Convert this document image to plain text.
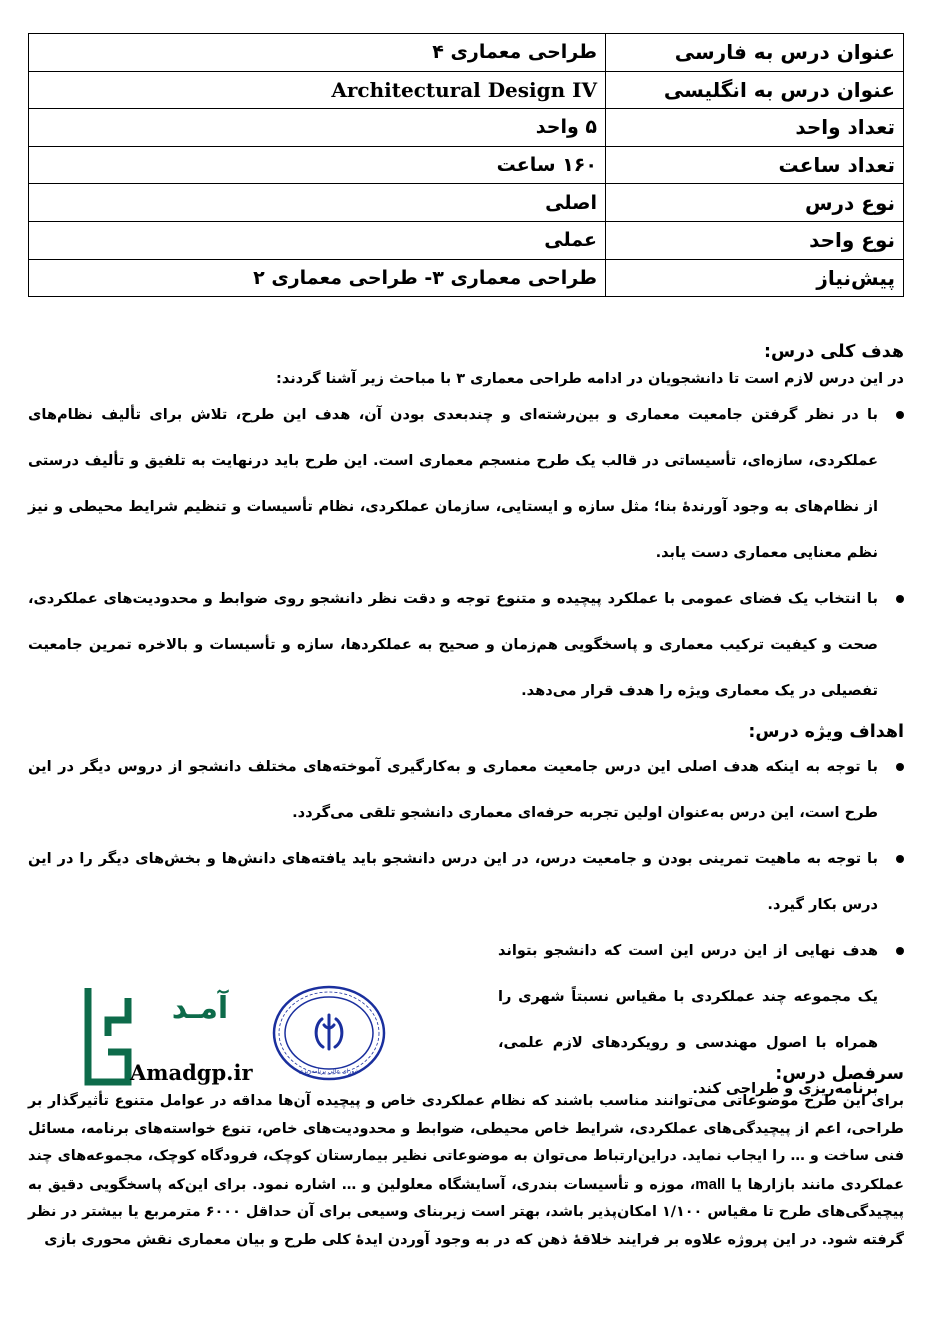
عنوان درس به فارسی	طراحی معماری ۴
عنوان درس به انگلیسی	Architectural Design IV
تعداد واحد	۵ واحد
تعداد ساعت	۱۶۰ ساعت
نوع درس	اصلی
نوع واحد	عملی
پیش‌نیاز	طراحی معماری ۳- طراحی معماری ۲
هدف کلی درس:

در این درس لازم است تا دانشجویان در ادامه طراحی معماری ۳ با مباحث زیر آشنا گردند:

با در نظر گرفتن جامعیت معماری و بین‌رشته‌ای و چندبعدی بودن آن، هدف این طرح، تلاش برای تألیف نظام‌های عملکردی، سازه‌ای، تأسیساتی در قالب یک طرح منسجم معماری است. این طرح باید درنهایت به تلفیق و تألیف درستی از نظام‌های به وجود آورندهٔ بنا؛ مثل سازه و ایستایی، سازمان عملکردی، نظام تأسیسات و تنظیم شرایط محیطی و نیز نظم معنایی معماری دست یابد.
با انتخاب یک فضای عمومی با عملکرد پیچیده و متنوع توجه و دقت نظر دانشجو روی ضوابط و محدودیت‌های عملکردی، صحت و کیفیت ترکیب معماری و پاسخگویی هم‌زمان و صحیح به عملکردها، سازه و تأسیسات و بالاخره تمرین جامعیت تفصیلی در یک معماری ویژه را هدف قرار می‌دهد.
اهداف ویژه درس:
با توجه به اینکه هدف اصلی این درس جامعیت معماری و به‌کارگیری آموخته‌های مختلف دانشجو از دروس دیگر در این طرح است، این درس به‌عنوان اولین تجربه حرفه‌ای معماری دانشجو تلقی می‌گردد.
با توجه به ماهیت تمرینی بودن و جامعیت درس، در این درس دانشجو باید یافته‌های دانش‌ها و بخش‌های دیگر را در این درس بکار گیرد.
هدف نهایی از این درس این است که دانشجو بتواند یک مجموعه چند عملکردی با مقیاس نسبتاً شهری را همراه با اصول مهندسی و رویکردهای لازم علمی، برنامه‌ریزی و طراحی کند.
سرفصل درس:
برای این طرح موضوعاتی می‌توانند مناسب باشند که نظام عملکردی خاص و پیچیده آن‌ها مداقه در عوامل متنوع تأثیرگذار بر طراحی، اعم از پیچیدگی‌های عملکردی، شرایط خاص محیطی، ضوابط و محدودیت‌های خاص، تنوع خواسته‌های برنامه، مسائل فنی ساخت و … را ایجاب نماید. دراین‌ارتباط می‌توان به موضوعاتی نظیر بیمارستان کوچک، فرودگاه کوچک، مجموعه‌های چند عملکردی مانند بازارها یا mall، موزه و تأسیسات بندری، آسایشگاه معلولین و … اشاره نمود. برای این‌که پاسخگویی دقیق به پیچیدگی‌های طرح تا مقیاس ۱/۱۰۰ امکان‌پذیر باشد، بهتر است زیربنای وسیعی برای آن حداقل ۶۰۰۰ مترمربع یا بیشتر در نظر گرفته شود. در این پروژه علاوه بر فرایند خلاقهٔ ذهن که در به وجود آوردن ایدهٔ کلی طرح و بیان معماری نقش محوری بازی
شورای عالی برنامه‌ریزی
آمـد
Amadgp.ir
